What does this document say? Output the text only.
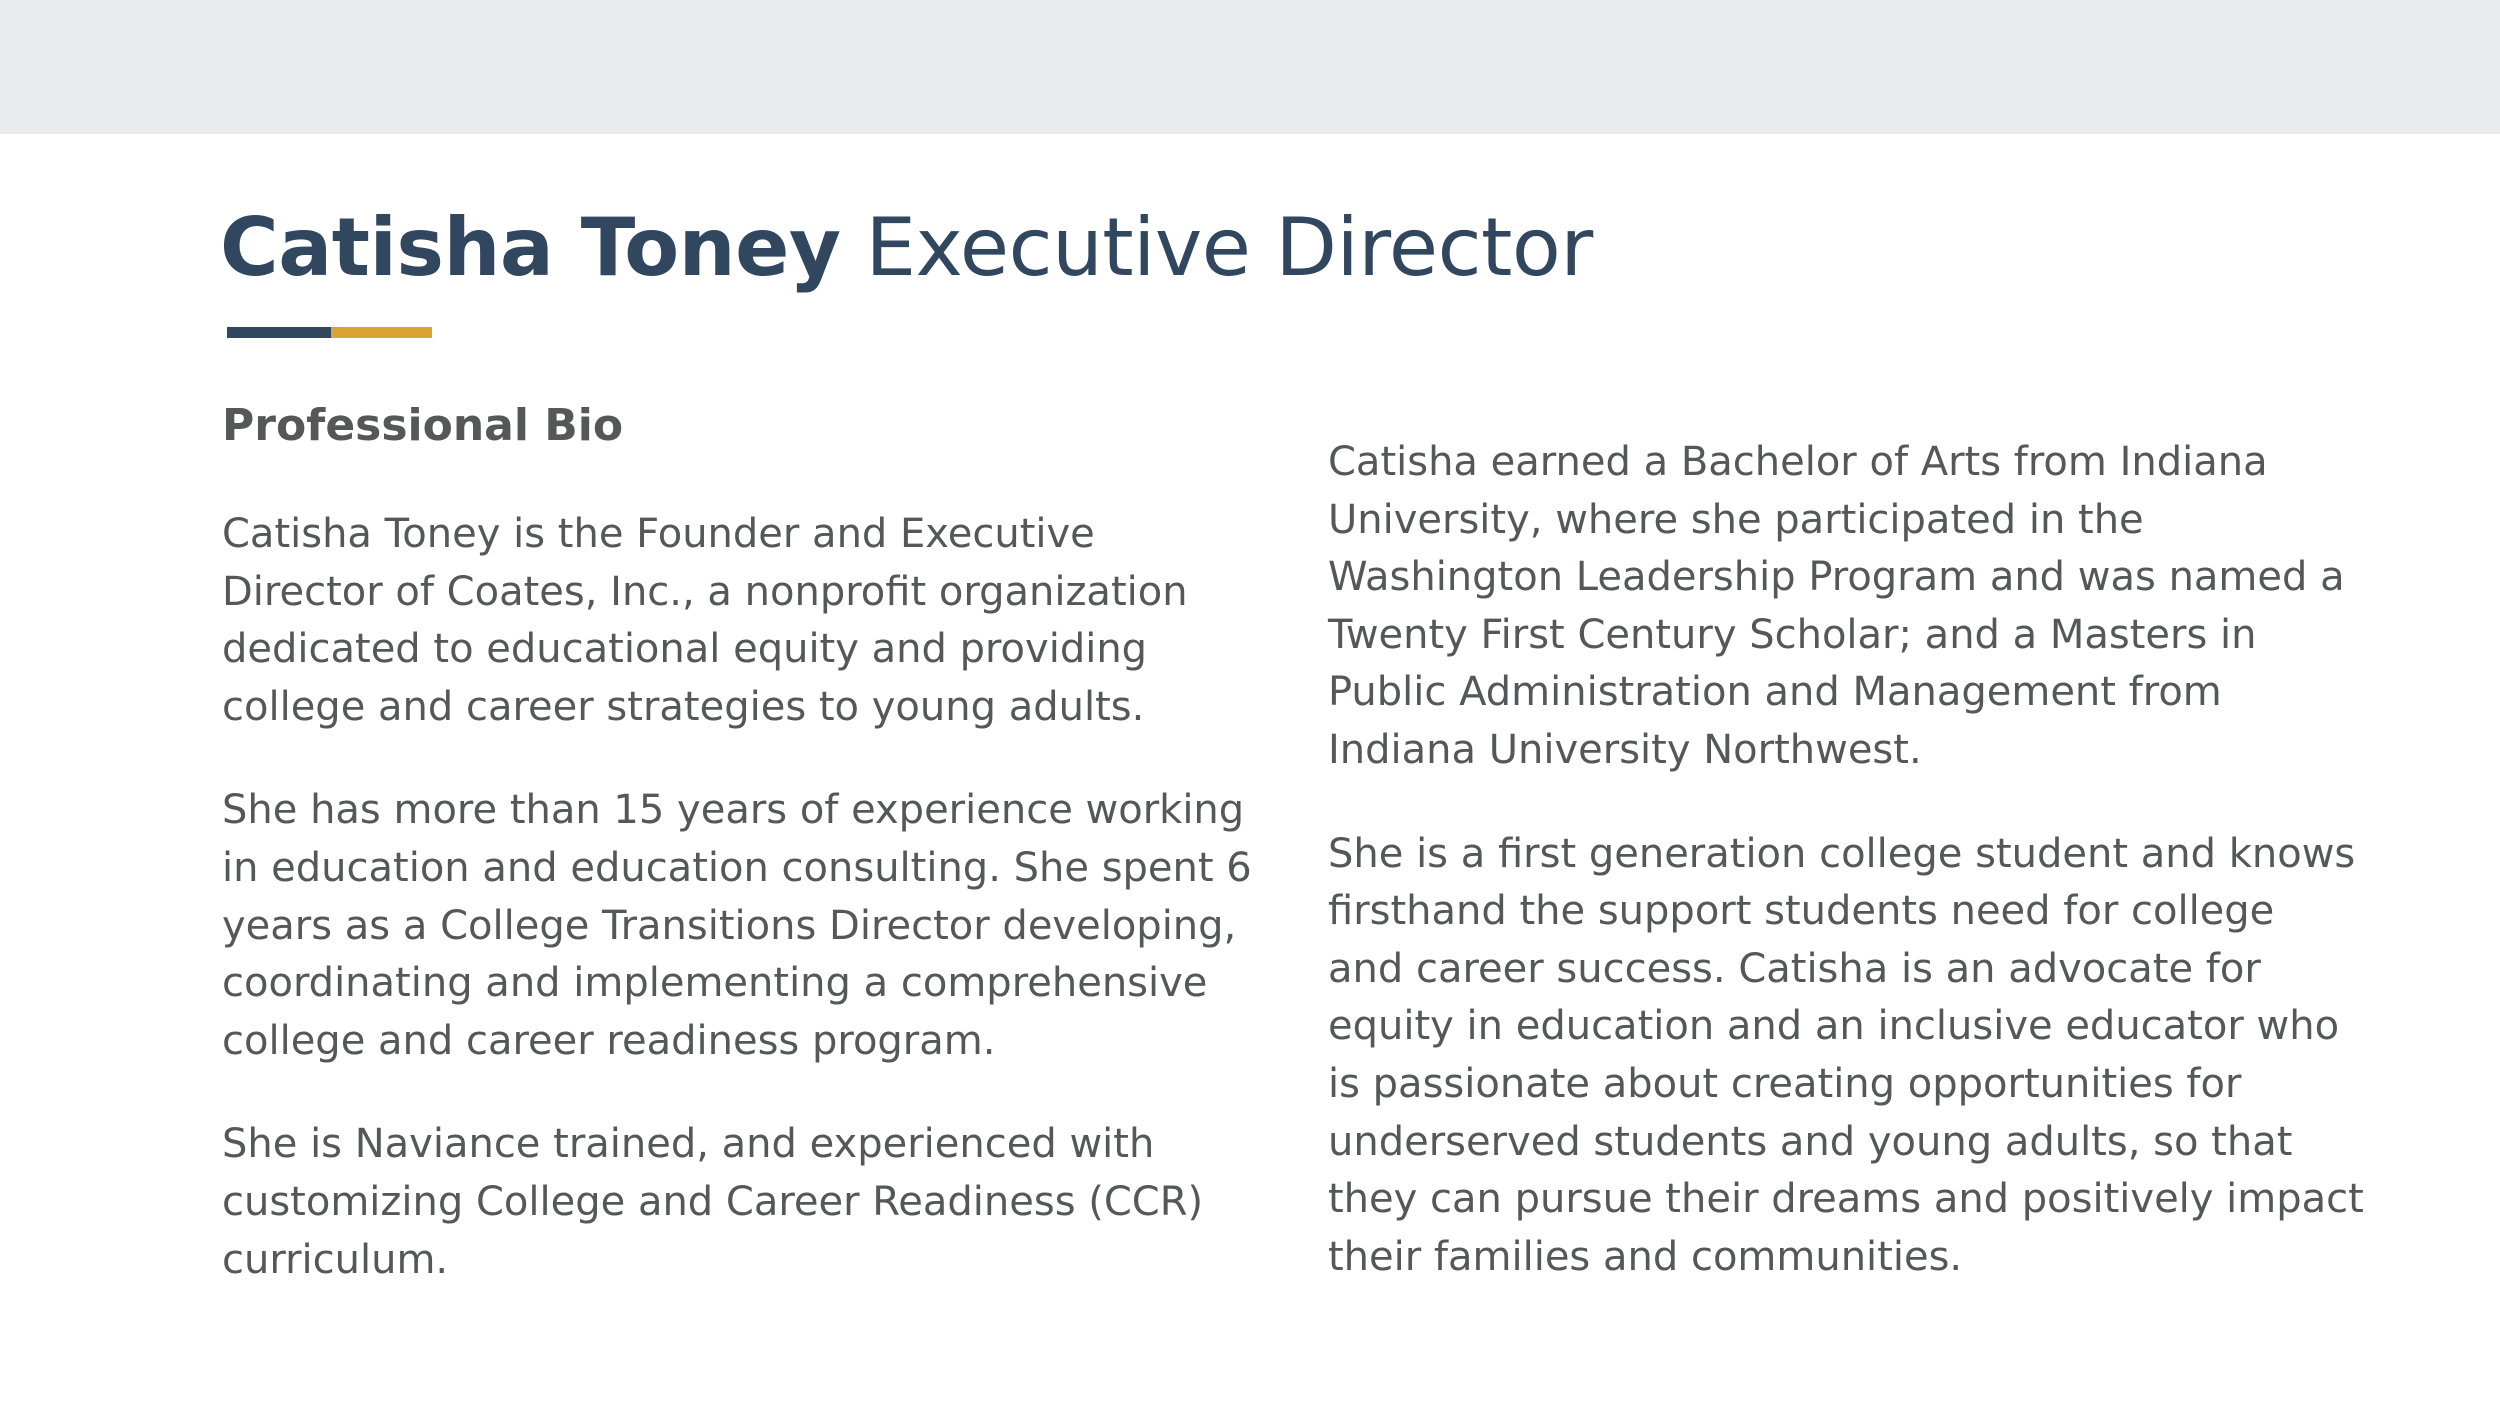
Catisha Toney Executive Director
Professional Bio

Catisha Toney is the Founder and Executive
Director of Coates, Inc., a nonprofit organization
dedicated to educational equity and providing
college and career strategies to young adults.

She has more than 15 years of experience working
in education and education consulting. She spent 6
years as a College Transitions Director developing,
coordinating and implementing a comprehensive
college and career readiness program.

She is Naviance trained, and experienced with
customizing College and Career Readiness (CCR)
curriculum.

Catisha earned a Bachelor of Arts from Indiana
University, where she participated in the
Washington Leadership Program and was named a
Twenty First Century Scholar; and a Masters in
Public Administration and Management from
Indiana University Northwest.

She is a first generation college student and knows
firsthand the support students need for college
and career success. Catisha is an advocate for
equity in education and an inclusive educator who
is passionate about creating opportunities for
underserved students and young adults, so that
they can pursue their dreams and positively impact
their families and communities.
